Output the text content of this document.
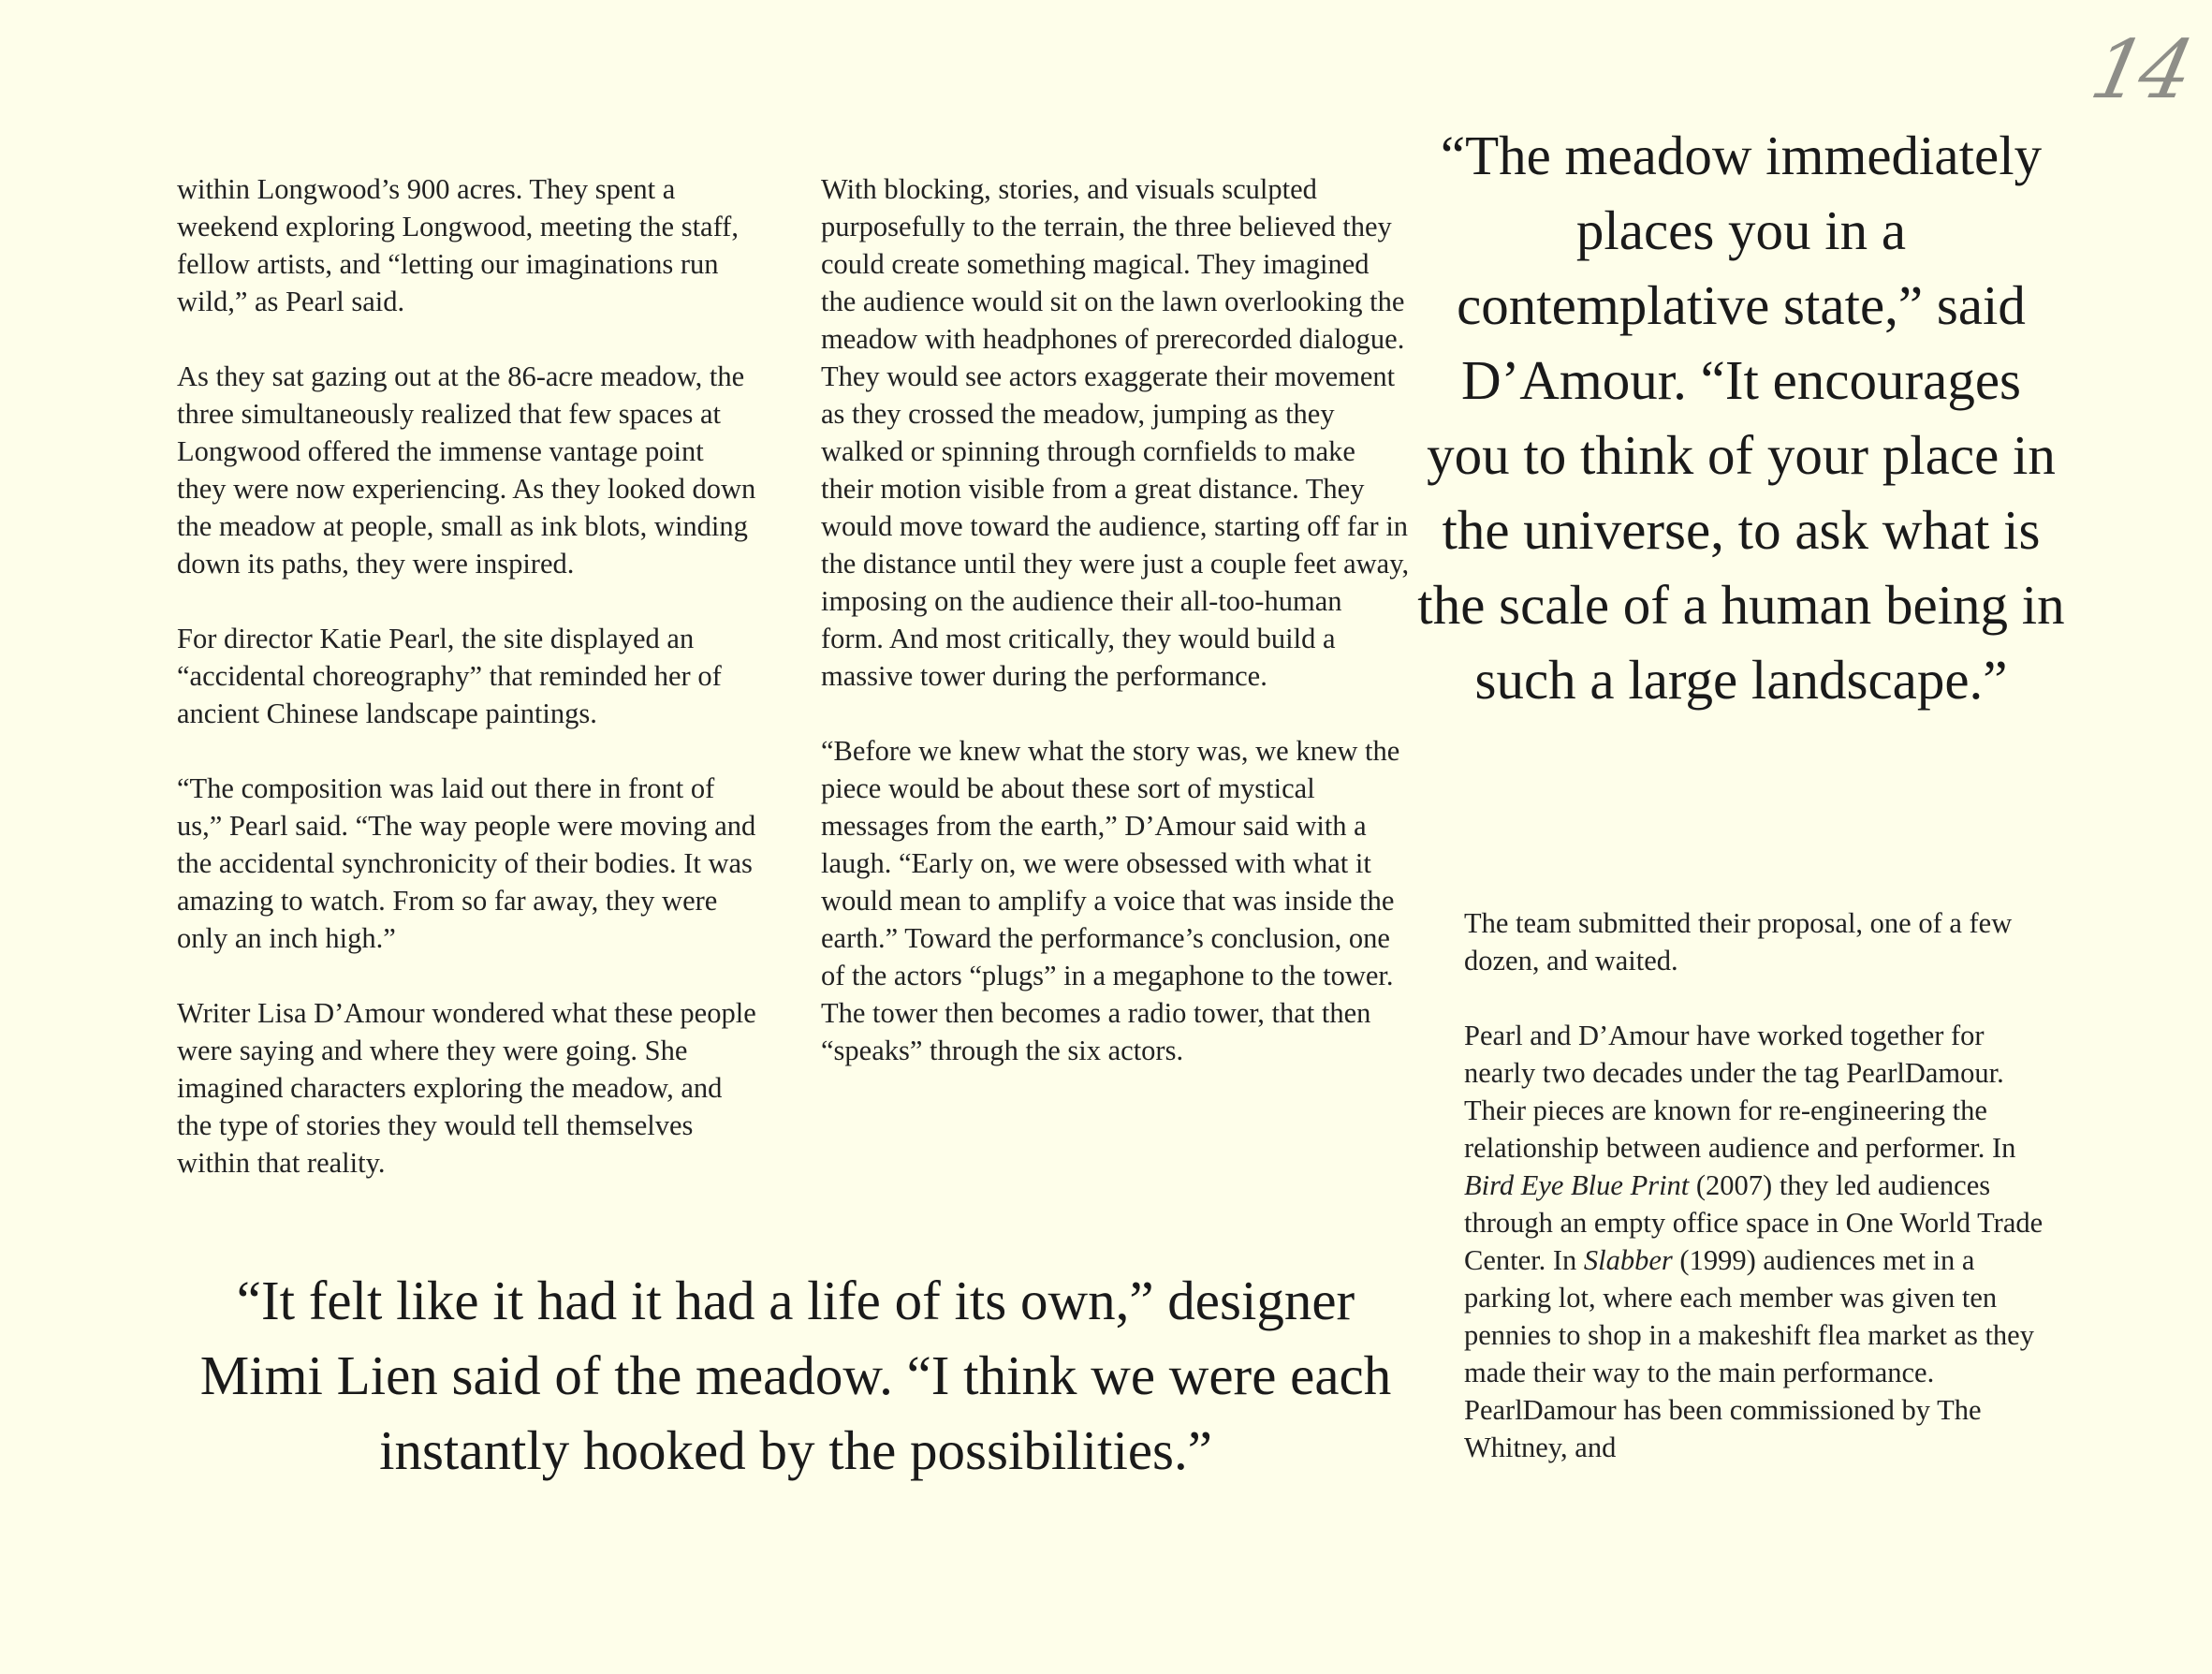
14

within Longwood’s 900 acres. They spent a weekend exploring Longwood, meeting the staff, fellow artists, and “letting our imaginations run wild,” as Pearl said.

As they sat gazing out at the 86-acre meadow, the three simultaneously realized that few spaces at Longwood offered the immense vantage point they were now experiencing. As they looked down the meadow at people, small as ink blots, winding down its paths, they were inspired.

For director Katie Pearl, the site displayed an “accidental choreography” that reminded her of ancient Chinese landscape paintings.

“The composition was laid out there in front of us,” Pearl said. “The way people were moving and the accidental synchronicity of their bodies. It was amazing to watch. From so far away, they were only an inch high.”

Writer Lisa D’Amour wondered what these people were saying and where they were going. She imagined characters exploring the meadow, and the type of stories they would tell themselves within that reality.

With blocking, stories, and visuals sculpted purposefully to the terrain, the three believed they could create something magical. They imagined the audience would sit on the lawn overlooking the meadow with headphones of prerecorded dialogue. They would see actors exaggerate their movement as they crossed the meadow, jumping as they walked or spinning through cornfields to make their motion visible from a great distance. They would move toward the audience, starting off far in the distance until they were just a couple feet away, imposing on the audience their all-too-human form. And most critically, they would build a massive tower during the performance.

“Before we knew what the story was, we knew the piece would be about these sort of mystical messages from the earth,” D’Amour said with a laugh. “Early on, we were obsessed with what it would mean to amplify a voice that was inside the earth.” Toward the performance’s conclusion, one of the actors “plugs” in a megaphone to the tower. The tower then becomes a radio tower, that then “speaks” through the six actors.

“The meadow immediately places you in a contemplative state,” said D’Amour. “It encourages you to think of your place in the universe, to ask what is the scale of a human being in such a large landscape.”

The team submitted their proposal, one of a few dozen, and waited.

Pearl and D’Amour have worked together for nearly two decades under the tag PearlDamour. Their pieces are known for re-engineering the relationship between audience and performer. In Bird Eye Blue Print (2007) they led audiences through an empty office space in One World Trade Center. In Slabber (1999) audiences met in a parking lot, where each member was given ten pennies to shop in a makeshift flea market as they made their way to the main performance. PearlDamour has been commissioned by The Whitney, and

“It felt like it had it had a life of its own,” designer Mimi Lien said of the meadow. “I think we were each instantly hooked by the possibilities.”
